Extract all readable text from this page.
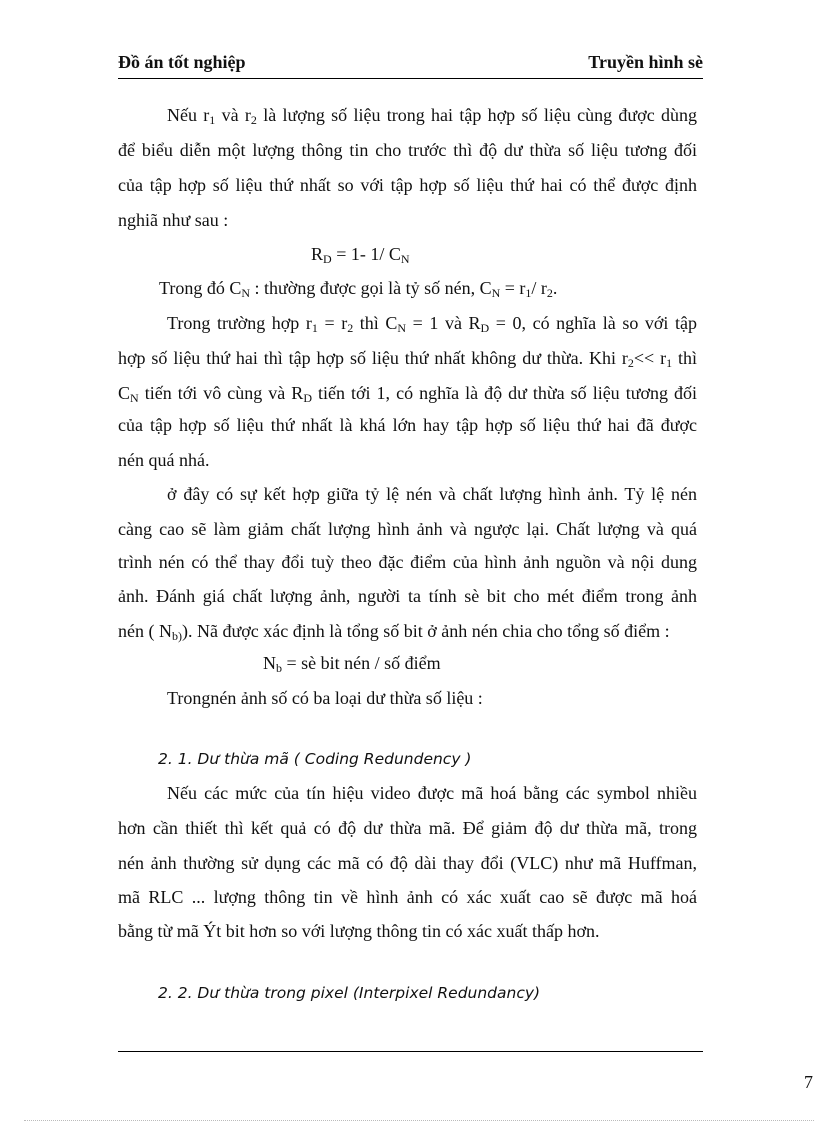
Đồ án tốt nghiệp	Truyền hình sè
Nếu $r_1$ và $r_2$ là lượng số liệu trong hai tập hợp số liệu cùng được dùng
để biểu diễn một lượng thông tin cho trước thì độ dư thừa số liệu tương đối
của tập hợp số liệu thứ nhất so với tập hợp số liệu thứ hai có thể được định
nghiã như sau :
$R_D = 1-$ 1/ $C_N$
Trong đó $C_N$ : thường được gọi là tỷ số nén, $C_N = r_1/$ $r_2$.
Trong trường hợp $r_1 = r_2$ thì $C_N = 1$ và $R_D = 0$, có nghĩa là so với tập
hợp số liệu thứ hai thì tập hợp số liệu thứ nhất không dư thừa. Khi $r_2<< r_1$ thì
$C_N$ tiến tới vô cùng và $R_D$ tiến tới 1, có nghĩa là độ dư thừa số liệu tương đối
của tập hợp số liệu thứ nhất là khá lớn hay tập hợp số liệu thứ hai đã được
nén quá nhá.
ở đây có sự kết hợp giữa tỷ lệ nén và chất lượng hình ảnh. Tỷ lệ nén
càng cao sẽ làm giảm chất lượng hình ảnh và ngược lại. Chất lượng và quá
trình nén có thể thay đổi tuỳ theo đặc điểm của hình ảnh nguồn và nội dung
ảnh. Đánh giá chất lượng ảnh, người ta tính sè bit cho mét điểm trong ảnh
nén ( $N_{b)}$). Nã được xác định là tổng số bit ở ảnh nén chia cho tổng số điểm :
$N_b$ = sè bit nén / số điểm
Trongnén ảnh số có ba loại dư thừa số liệu :
2. 1. Dư thừa mã ( Coding Redundency )
Nếu các mức của tín hiệu video được mã hoá bằng các symbol nhiều
hơn cần thiết thì kết quả có độ dư thừa mã. Để giảm độ dư thừa mã, trong
nén ảnh thường sử dụng các mã có độ dài thay đổi (VLC) như mã Huffman,
mã RLC ... lượng thông tin về hình ảnh có xác xuất cao sẽ được mã hoá
bằng từ mã Ýt bit hơn so với lượng thông tin có xác xuất thấp hơn.
2. 2. Dư thừa trong pixel (Interpixel Redundancy)
7
